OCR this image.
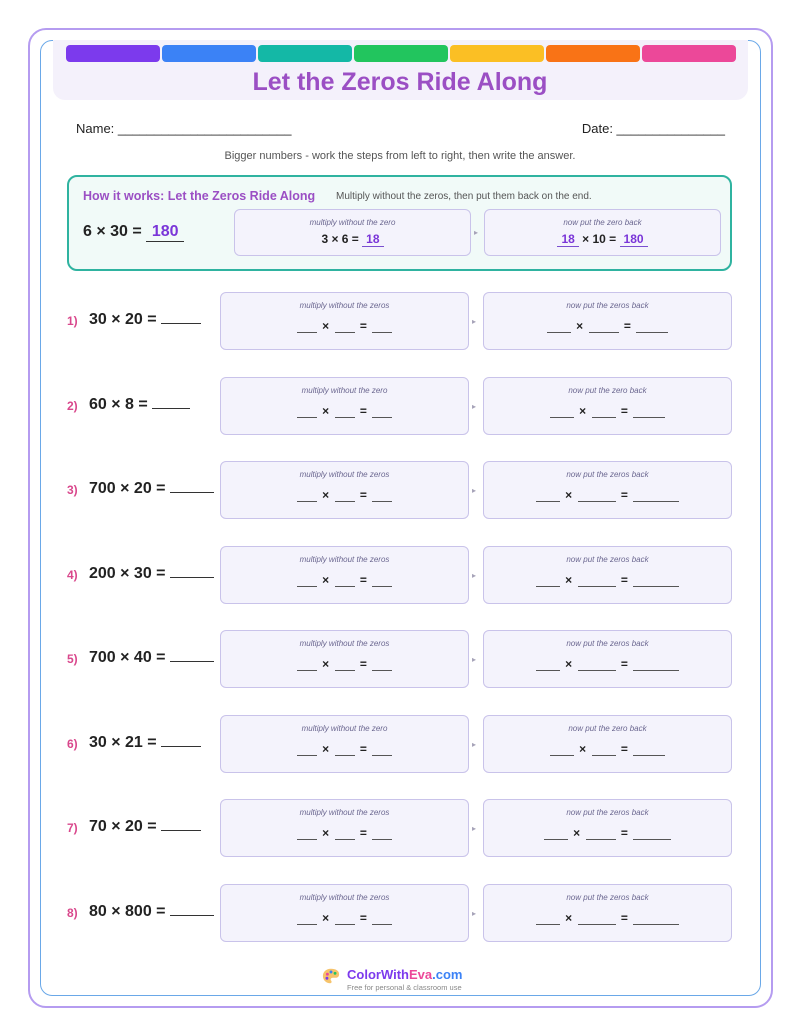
Let the Zeros Ride Along
Name: ________________________	Date: _______________
Bigger numbers - work the steps from left to right, then write the answer.
How it works: Let the Zeros Ride Along Multiply without the zeros, then put them back on the end.
6 × 30 = 180
multiply without the zero
3 × 6 = 18	▸
now put the zero back
18 × 10 = 180
1) 30 × 20 =
multiply without the zeros
×  =	▸
now put the zeros back
×	=
2) 60 × 8 =
multiply without the zero
×  =	▸
now put the zero back
×  =
3) 700 × 20 =
multiply without the zeros
×  =	▸
now put the zeros back
×	=
4) 200 × 30 =
multiply without the zeros
×  =	▸
now put the zeros back
×	=
5) 700 × 40 =
multiply without the zeros
×  =	▸
now put the zeros back
×	=
6) 30 × 21 =
multiply without the zero
×  =	▸
now put the zero back
×  =
7) 70 × 20 =
multiply without the zeros
×  =	▸
now put the zeros back
×	=
8) 80 × 800 =
multiply without the zeros
×  =	▸
now put the zeros back
×	=
ColorWithEva.com
Free for personal & classroom use
